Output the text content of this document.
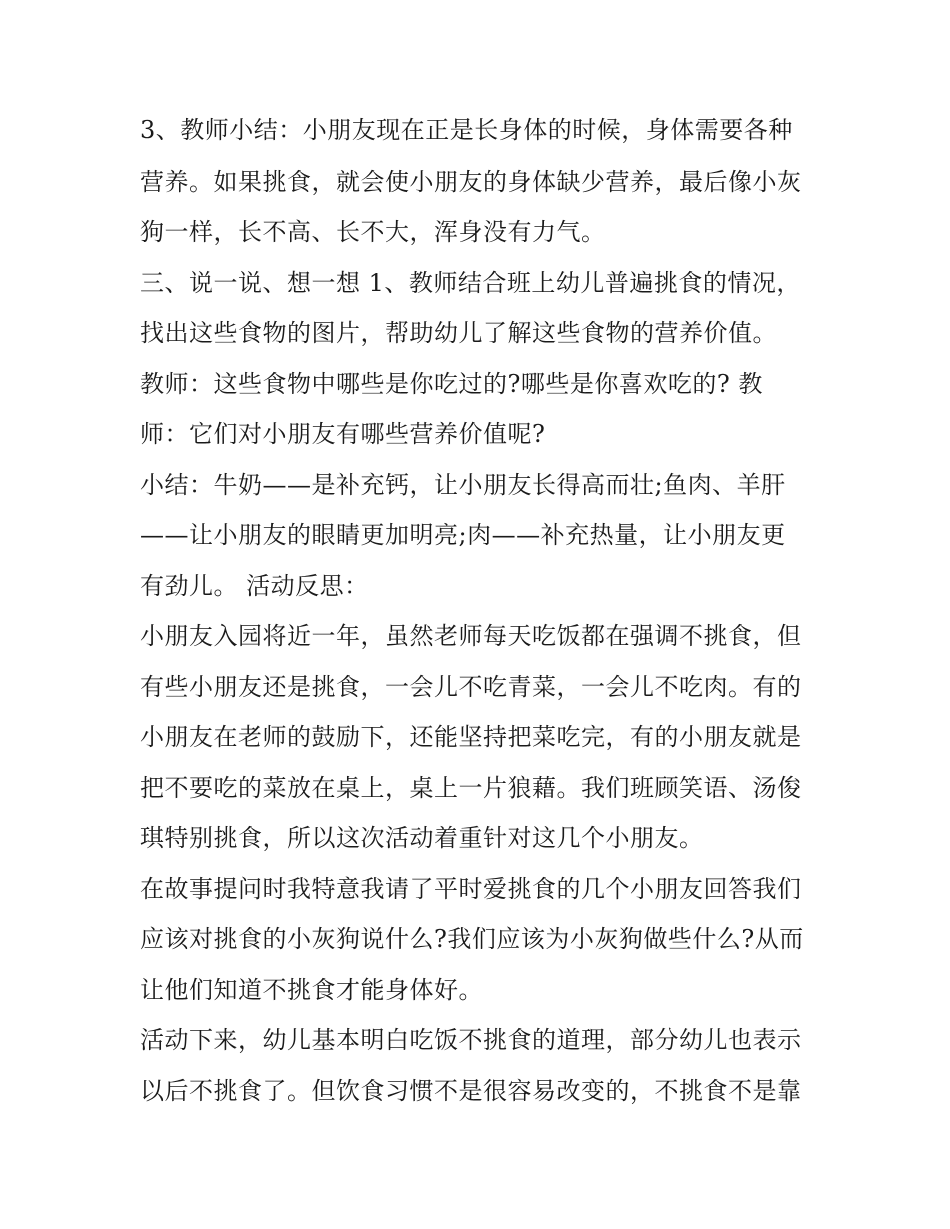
3、教师小结：小朋友现在正是长身体的时候，身体需要各种
营养。如果挑食，就会使小朋友的身体缺少营养，最后像小灰
狗一样，长不高、长不大，浑身没有力气。
三、说一说、想一想 1、教师结合班上幼儿普遍挑食的情况，
找出这些食物的图片，帮助幼儿了解这些食物的营养价值。
教师：这些食物中哪些是你吃过的?哪些是你喜欢吃的? 教
师：它们对小朋友有哪些营养价值呢?
小结：牛奶——是补充钙，让小朋友长得高而壮;鱼肉、羊肝
——让小朋友的眼睛更加明亮;肉——补充热量，让小朋友更
有劲儿。 活动反思：
小朋友入园将近一年，虽然老师每天吃饭都在强调不挑食，但
有些小朋友还是挑食，一会儿不吃青菜，一会儿不吃肉。有的
小朋友在老师的鼓励下，还能坚持把菜吃完，有的小朋友就是
把不要吃的菜放在桌上，桌上一片狼藉。我们班顾笑语、汤俊
琪特别挑食，所以这次活动着重针对这几个小朋友。
在故事提问时我特意我请了平时爱挑食的几个小朋友回答我们
应该对挑食的小灰狗说什么?我们应该为小灰狗做些什么?从而
让他们知道不挑食才能身体好。
活动下来，幼儿基本明白吃饭不挑食的道理，部分幼儿也表示
以后不挑食了。但饮食习惯不是很容易改变的，不挑食不是靠
